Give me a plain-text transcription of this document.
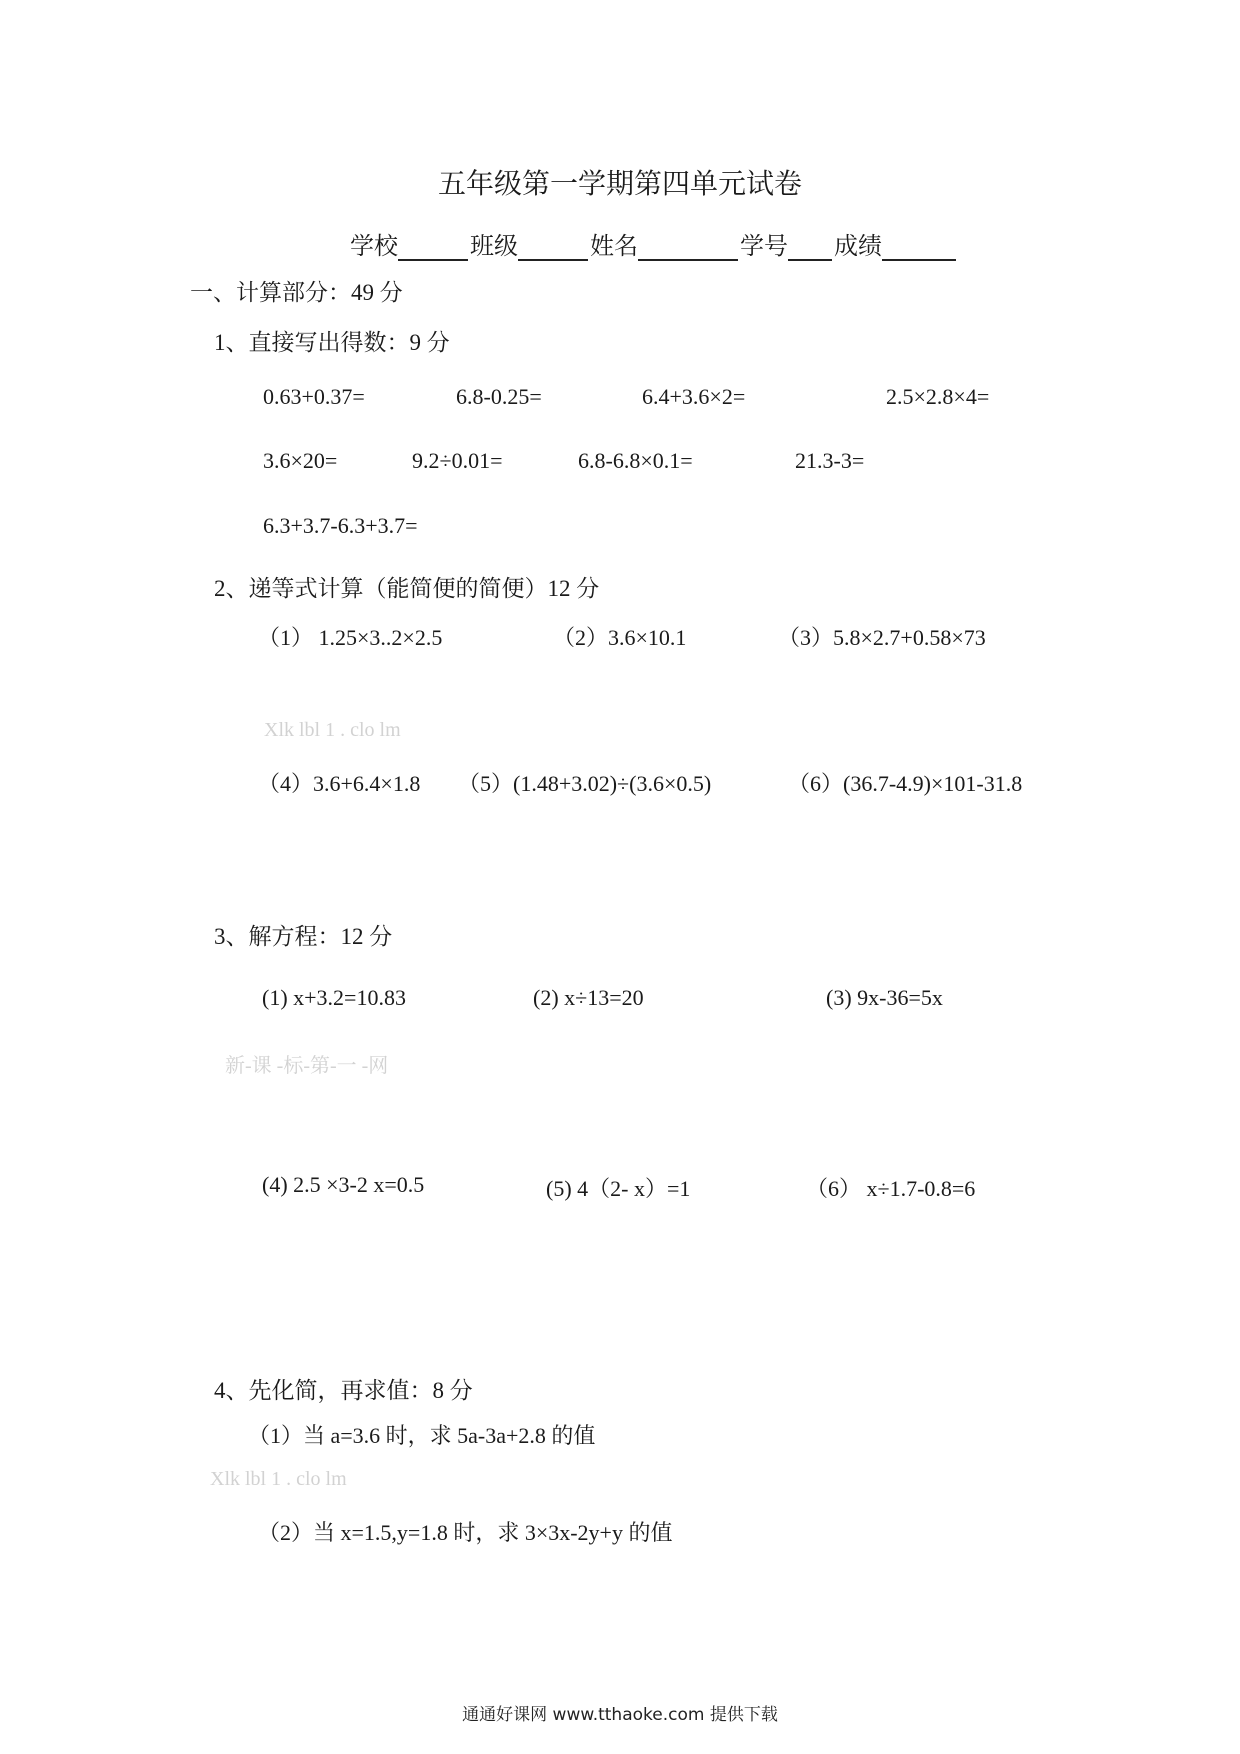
五年级第一学期第四单元试卷
学校	班级	姓名	学号 成绩
一、计算部分：49 分
1、直接写出得数：9 分
0.63+0.37=	6.8-0.25=	6.4+3.6×2=	2.5×2.8×4=
3.6×20=	9.2÷0.01=	6.8-6.8×0.1=	21.3-3=
6.3+3.7-6.3+3.7=
2、递等式计算（能简便的简便）12 分
（1） 1.25×3..2×2.5	（2）3.6×10.1	（3）5.8×2.7+0.58×73
Xlk lbl 1 . clo lm
（4）3.6+6.4×1.8 （5）(1.48+3.02)÷(3.6×0.5)	（6）(36.7-4.9)×101-31.8
3、解方程：12 分
(1) x+3.2=10.83	(2) x÷13=20	(3) 9x-36=5x
新-课 -标-第-一 -网
(4) 2.5 ×3-2 x=0.5	(5) 4（2- x）=1	（6） x÷1.7-0.8=6
4、先化简，再求值：8 分
（1）当 a=3.6 时，求 5a-3a+2.8 的值
Xlk lbl 1 . clo lm
（2）当 x=1.5,y=1.8 时，求 3×3x-2y+y 的值
通通好课网 www.tthaoke.com 提供下载
